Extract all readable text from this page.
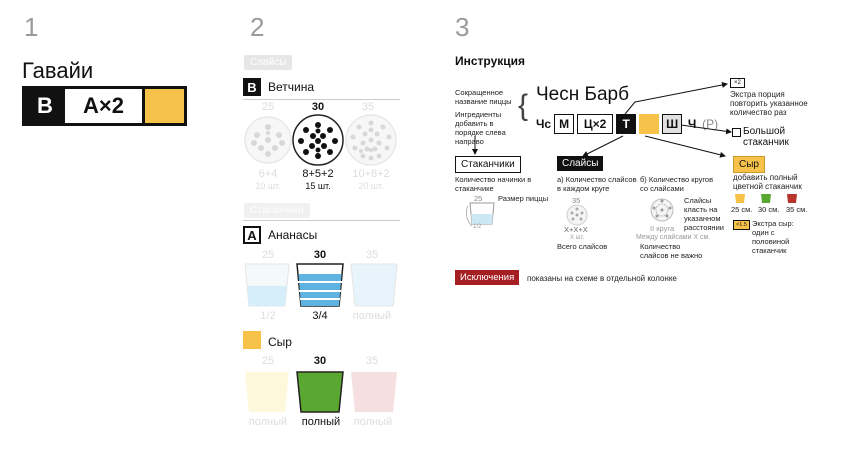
1	2	3
Гавайи
B	A×2
Слайсы
B Ветчина
25	30	35
6+4	8+5+2	10+8+2
10 шт.	15 шт.	20 шт.
Стаканчики
A Ананасы
25	30	35
1/2	3/4	полный
Сыр
25	30	35
полный	полный	полный
Инструкция
Сокращенное название пиццы
Ингредиенты добавить в порядке слева направо
{ Чесн Барб
Чс М	Ц×2	Т	Ш Ч (Р)
×2
Экстра порция повторить указанное количество раз
Большой стаканчик
Стаканчики
Количество начинки в стаканчике
25 Размер пиццы
1/2
Слайсы
а) Количество слайсов в каждом круге
35
X+X+X
X шт.
Всего слайсов
б) Количество кругов со слайсами
Слайсы класть на указанном расстоянии
II круга
Между слайсами X см.
Количество слайсов не важно
Сыр
добавить полный цветной стаканчик
25 см. 30 см. 35 см.
×1.5 Экстра сыр: один с половиной стаканчик
Исключения	показаны на схеме в отдельной колонке
